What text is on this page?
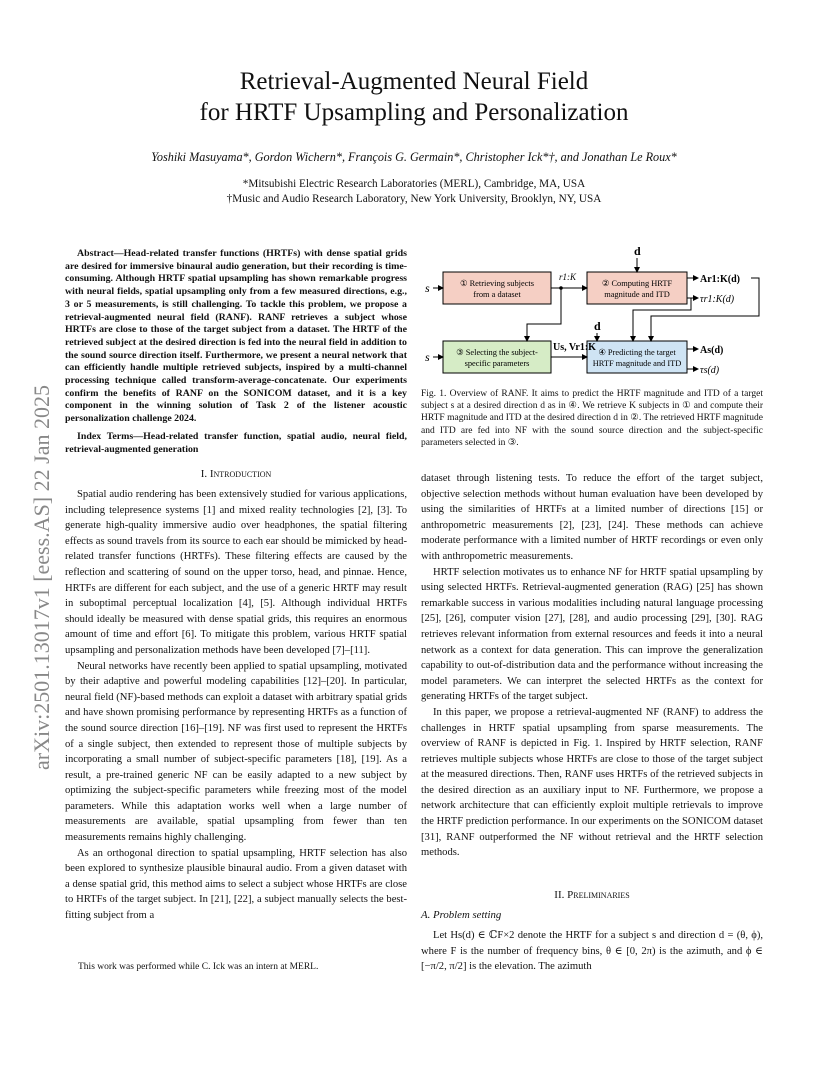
Retrieval-Augmented Neural Field
for HRTF Upsampling and Personalization
Yoshiki Masuyama*, Gordon Wichern*, François G. Germain*, Christopher Ick*†, and Jonathan Le Roux*
*Mitsubishi Electric Research Laboratories (MERL), Cambridge, MA, USA
†Music and Audio Research Laboratory, New York University, Brooklyn, NY, USA
arXiv:2501.13017v1 [eess.AS] 22 Jan 2025
Abstract—Head-related transfer functions (HRTFs) with dense spatial grids are desired for immersive binaural audio generation, but their recording is time-consuming. Although HRTF spatial upsampling has shown remarkable progress with neural fields, spatial upsampling only from a few measured directions, e.g., 3 or 5 measurements, is still challenging. To tackle this problem, we propose a retrieval-augmented neural field (RANF). RANF retrieves a subject whose HRTFs are close to those of the target subject from a dataset. The HRTF of the retrieved subject at the desired direction is fed into the neural field in addition to the sound source direction itself. Furthermore, we present a neural network that can efficiently handle multiple retrieved subjects, inspired by a multi-channel processing technique called transform-average-concatenate. Our experiments confirm the benefits of RANF on the SONICOM dataset, and it is a key component in the winning solution of Task 2 of the listener acoustic personalization challenge 2024.
Index Terms—Head-related transfer function, spatial audio, neural field, retrieval-augmented generation
I. Introduction

Spatial audio rendering has been extensively studied for various applications, including telepresence systems [1] and mixed reality technologies [2], [3]. To generate high-quality immersive audio over headphones, the spatial filtering effects as sound travels from its source to each ear should be mimicked by head-related transfer functions (HRTFs). These filtering effects are caused by the reflection and scattering of sound on the upper torso, head, and pinnae. Hence, HRTFs are different for each subject, and the use of a generic HRTF may result in suboptimal perceptual localization [4], [5]. Although individual HRTFs should ideally be measured with dense spatial grids, this requires an enormous amount of time and effort [6]. To mitigate this problem, various HRTF spatial upsampling and personalization methods have been developed [7]–[11].

Neural networks have recently been applied to spatial upsampling, motivated by their adaptive and powerful modeling capabilities [12]–[20]. In particular, neural field (NF)-based methods can exploit a dataset with arbitrary spatial grids and have shown promising performance by representing HRTFs as a function of the sound source direction [16]–[19]. NF was first used to represent the HRTFs of a single subject, then extended to represent those of multiple subjects by incorporating a small number of subject-specific parameters [18], [19]. As a result, a pre-trained generic NF can be easily adapted to a new subject by optimizing the subject-specific parameters while freezing most of the model parameters. While this adaptation works well when a large number of measurements are available, spatial upsampling from fewer than ten measurements remains highly challenging.

As an orthogonal direction to spatial upsampling, HRTF selection has also been explored to synthesize plausible binaural audio. From a given dataset with a dense spatial grid, this method aims to select a subject whose HRTFs are close to HRTFs of the target subject. In [21], [22], a subject manually selects the best-fitting subject from a

This work was performed while C. Ick was an intern at MERL.
① Retrieving subjects
from a dataset
② Computing HRTF
magnitude and ITD
③ Selecting the subject-
specific parameters
④ Predicting the target
HRTF magnitude and ITD
s
s
d
d
r1:K	Ar1:K(d)
τr1:K(d)
Us, Vr1:K	As(d)
τs(d)
Fig. 1. Overview of RANF. It aims to predict the HRTF magnitude and ITD of a target subject s at a desired direction d as in ④. We retrieve K subjects in ① and compute their HRTF magnitude and ITD at the desired direction d in ②. The retrieved HRTF magnitude and ITD are fed into NF with the sound source direction and the subject-specific parameters selected in ③.

dataset through listening tests. To reduce the effort of the target subject, objective selection methods without human evaluation have been developed by using the similarities of HRTFs at a limited number of directions [15] or anthropometric measurements [2], [23], [24]. These methods can achieve moderate performance with a limited number of HRTF recordings or even only with anthropometric measurements.

HRTF selection motivates us to enhance NF for HRTF spatial upsampling by using selected HRTFs. Retrieval-augmented generation (RAG) [25] has shown remarkable success in various modalities including natural language processing [25], [26], computer vision [27], [28], and audio processing [29], [30]. RAG retrieves relevant information from external resources and feeds it into a neural network as a context for data generation. This can improve the generalization capability to out-of-distribution data and the performance without increasing the model parameters. We can interpret the selected HRTFs as the context for generating HRTFs of the target subject.

In this paper, we propose a retrieval-augmented NF (RANF) to address the challenges in HRTF spatial upsampling from sparse measurements. The overview of RANF is depicted in Fig. 1. Inspired by HRTF selection, RANF retrieves multiple subjects whose HRTFs are close to those of the target subject at the measured directions. Then, RANF uses HRTFs of the retrieved subjects in the desired direction as an auxiliary input to NF. Furthermore, we propose a network architecture that can efficiently exploit multiple retrievals to improve the HRTF prediction performance. In our experiments on the SONICOM dataset [31], RANF outperformed the NF without retrieval and the HRTF selection methods.

II. Preliminaries
A. Problem setting

Let Hs(d) ∈ ℂF×2 denote the HRTF for a subject s and direction d = (θ, ϕ), where F is the number of frequency bins, θ ∈ [0, 2π) is the azimuth, and ϕ ∈ [−π/2, π/2] is the elevation. The azimuth
